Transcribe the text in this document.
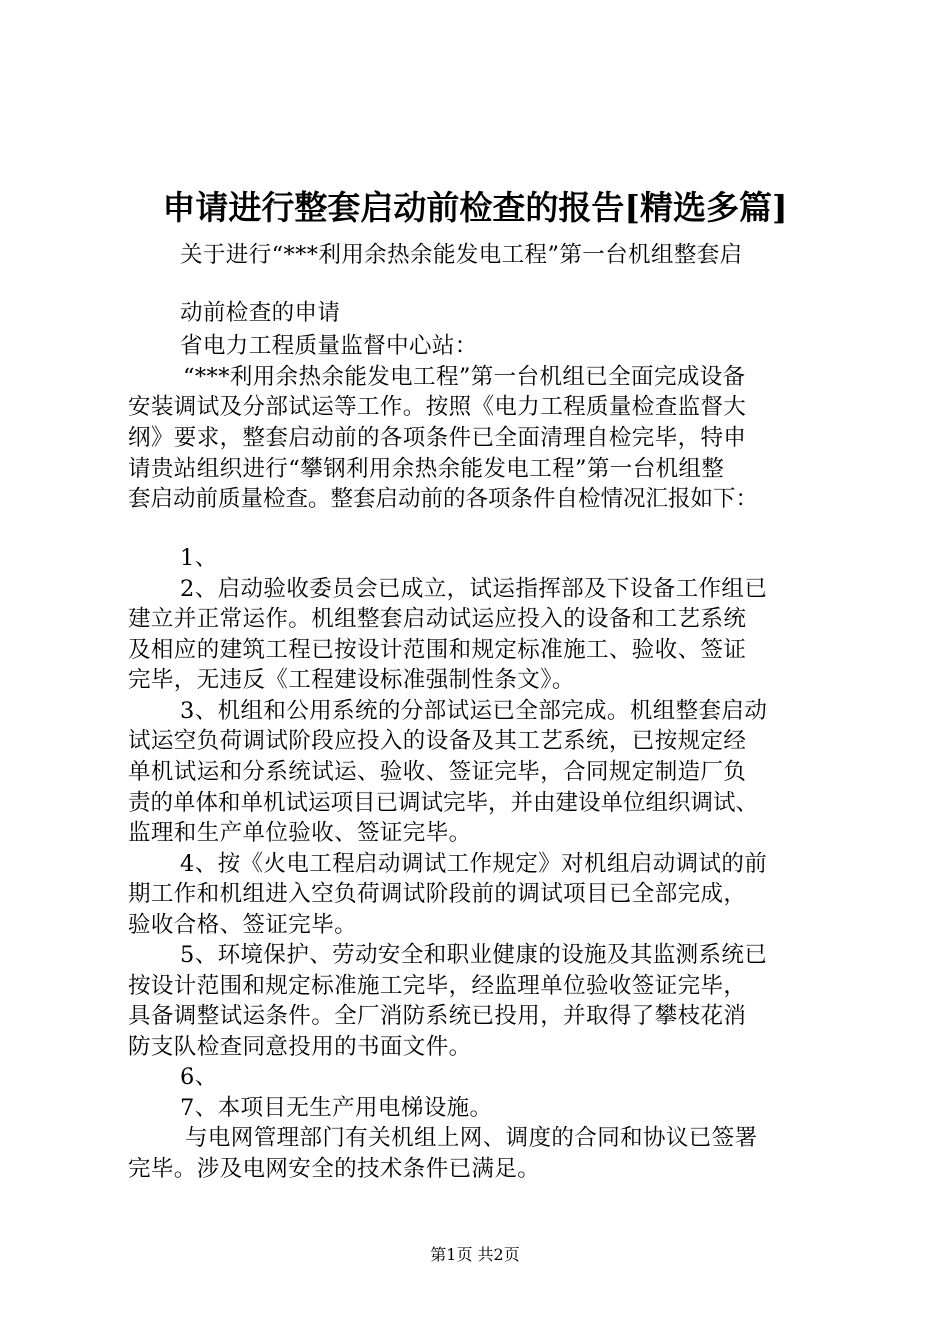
申请进行整套启动前检查的报告[精选多篇]
关于进行“***利用余热余能发电工程”第一台机组整套启
动前检查的申请
省电力工程质量监督中心站：
“***利用余热余能发电工程”第一台机组已全面完成设备
安装调试及分部试运等工作。按照《电力工程质量检查监督大
纲》要求，整套启动前的各项条件已全面清理自检完毕，特申
请贵站组织进行“攀钢利用余热余能发电工程”第一台机组整
套启动前质量检查。整套启动前的各项条件自检情况汇报如下：
1、
2、启动验收委员会已成立，试运指挥部及下设备工作组已
建立并正常运作。机组整套启动试运应投入的设备和工艺系统
及相应的建筑工程已按设计范围和规定标准施工、验收、签证
完毕，无违反《工程建设标准强制性条文》。
3、机组和公用系统的分部试运已全部完成。机组整套启动
试运空负荷调试阶段应投入的设备及其工艺系统，已按规定经
单机试运和分系统试运、验收、签证完毕，合同规定制造厂负
责的单体和单机试运项目已调试完毕，并由建设单位组织调试、
监理和生产单位验收、签证完毕。
4、按《火电工程启动调试工作规定》对机组启动调试的前
期工作和机组进入空负荷调试阶段前的调试项目已全部完成，
验收合格、签证完毕。
5、环境保护、劳动安全和职业健康的设施及其监测系统已
按设计范围和规定标准施工完毕，经监理单位验收签证完毕，
具备调整试运条件。全厂消防系统已投用，并取得了攀枝花消
防支队检查同意投用的书面文件。
6、
7、本项目无生产用电梯设施。
与电网管理部门有关机组上网、调度的合同和协议已签署
完毕。涉及电网安全的技术条件已满足。
第1页 共2页
